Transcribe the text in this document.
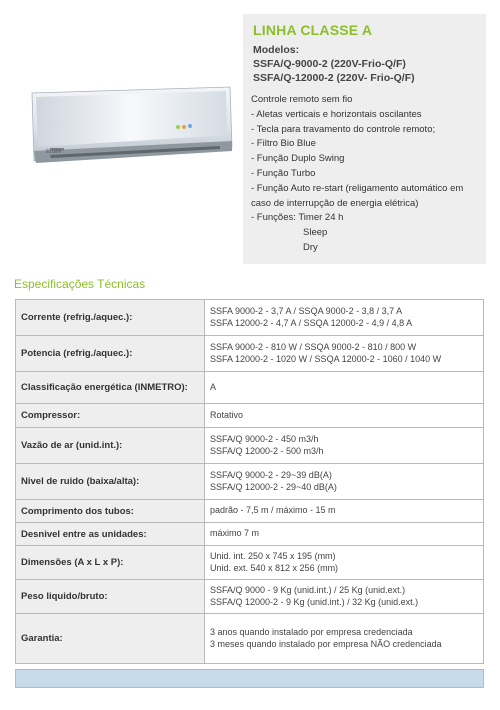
ELGIN
LINHA CLASSE A
Modelos:
SSFA/Q-9000-2 (220V-Frio-Q/F)
SSFA/Q-12000-2 (220V- Frio-Q/F)
Controle remoto sem fio
- Aletas verticais e horizontais oscilantes
- Tecla para travamento do controle remoto;
- Filtro Bio Blue
- Função Duplo Swing
- Função Turbo
- Função Auto re-start (religamento automático em caso de interrupção de energia elétrica)
- Funções: Timer 24 h
Sleep
Dry
Especificações Técnicas
Corrente (refrig./aquec.):	SSFA 9000-2 - 3,7 A / SSQA 9000-2 - 3,8 / 3,7 A
SSFA 12000-2 - 4,7 A / SSQA 12000-2 - 4,9 / 4,8 A

Potencia (refrig./aquec.):	SSFA 9000-2 - 810 W / SSQA 9000-2 - 810 / 800 W
SSFA 12000-2 - 1020 W / SSQA 12000-2 - 1060 / 1040 W

Classificação energética (INMETRO):	A

Compressor:	Rotativo

Vazão de ar (unid.int.):	SSFA/Q 9000-2 - 450 m3/h
SSFA/Q 12000-2 - 500 m3/h

Nivel de ruido (baixa/alta):	SSFA/Q 9000-2 - 29~39 dB(A)
SSFA/Q 12000-2 - 29~40 dB(A)

Comprimento dos tubos:	padrão - 7,5 m / máximo - 15 m

Desnivel entre as unidades:	máximo 7 m

Dimensões (A x L x P):	Unid. int. 250 x 745 x 195 (mm)
Unid. ext. 540 x 812 x 256 (mm)

Peso liquido/bruto:	SSFA/Q 9000 - 9 Kg (unid.int.) / 25 Kg (unid.ext.)
SSFA/Q 12000-2 - 9 Kg (unid.int.) / 32 Kg (unid.ext.)

Garantia:	3 anos quando instalado por empresa credenciada
3 meses quando instalado por empresa NÃO credenciada
